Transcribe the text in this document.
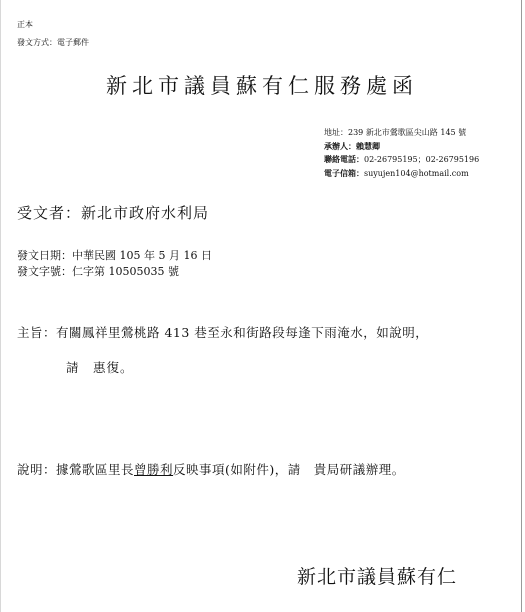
正本
發文方式：電子郵件
新北市議員蘇有仁服務處函
地址：239 新北市鶯歌區尖山路 145 號
承辦人：賴慧卿
聯絡電話：02-26795195；02-26795196
電子信箱：suyujen104@hotmail.com
受文者：新北市政府水利局
發文日期：中華民國 105 年 5 月 16 日
發文字號：仁字第 10505035 號
主旨：有關鳳祥里鶯桃路 413 巷至永和街路段每逢下雨淹水，如說明，
請　惠復。
說明：據鶯歌區里長曾勝利反映事項(如附件)，請　貴局研議辦理。
新北市議員蘇有仁
